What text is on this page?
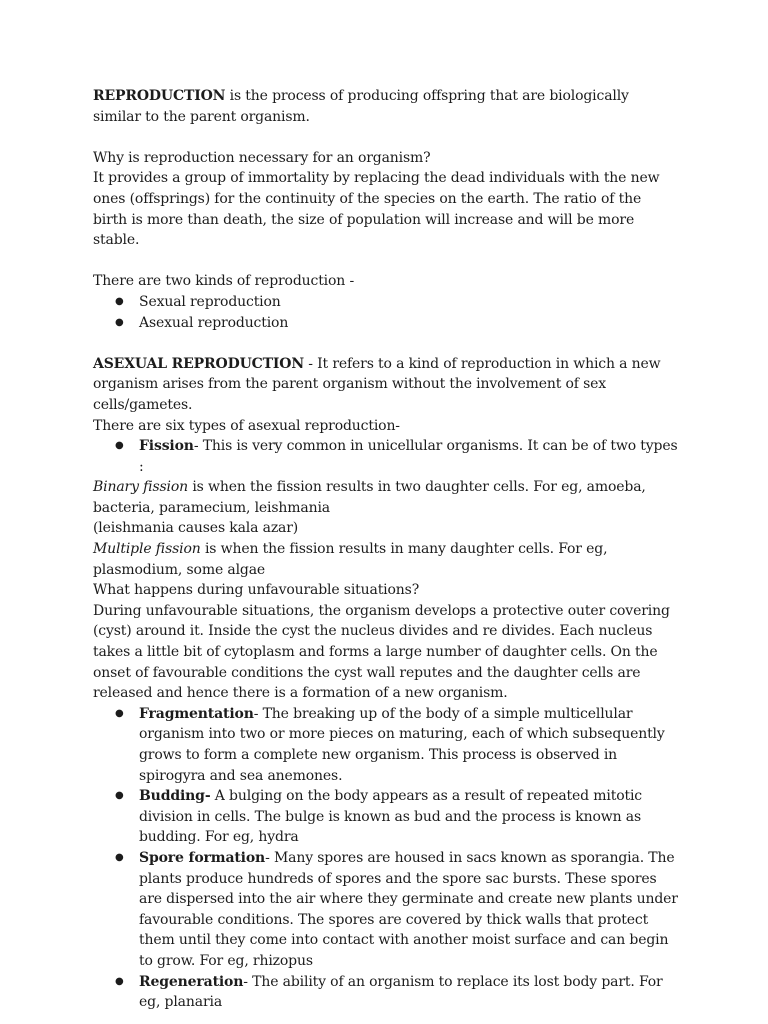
REPRODUCTION is the process of producing offspring that are biologically similar to the parent organism.

Why is reproduction necessary for an organism?

It provides a group of immortality by replacing the dead individuals with the new ones (offsprings) for the continuity of the species on the earth. The ratio of the birth is more than death, the size of population will increase and will be more stable.

There are two kinds of reproduction -

● Sexual reproduction
● Asexual reproduction

ASEXUAL REPRODUCTION - It refers to a kind of reproduction in which a new organism arises from the parent organism without the involvement of sex cells/gametes.

There are six types of asexual reproduction-

● Fission- This is very common in unicellular organisms. It can be of two types :

Binary fission is when the fission results in two daughter cells. For eg, amoeba, bacteria, paramecium, leishmania

(leishmania causes kala azar)

Multiple fission is when the fission results in many daughter cells. For eg, plasmodium, some algae

What happens during unfavourable situations?

During unfavourable situations, the organism develops a protective outer covering (cyst) around it. Inside the cyst the nucleus divides and re divides. Each nucleus takes a little bit of cytoplasm and forms a large number of daughter cells. On the onset of favourable conditions the cyst wall reputes and the daughter cells are released and hence there is a formation of a new organism.

● Fragmentation- The breaking up of the body of a simple multicellular organism into two or more pieces on maturing, each of which subsequently grows to form a complete new organism. This process is observed in spirogyra and sea anemones.
● Budding- A bulging on the body appears as a result of repeated mitotic division in cells. The bulge is known as bud and the process is known as budding. For eg, hydra
● Spore formation- Many spores are housed in sacs known as sporangia. The plants produce hundreds of spores and the spore sac bursts. These spores are dispersed into the air where they germinate and create new plants under favourable conditions. The spores are covered by thick walls that protect them until they come into contact with another moist surface and can begin to grow. For eg, rhizopus
● Regeneration- The ability of an organism to replace its lost body part. For eg, planaria
